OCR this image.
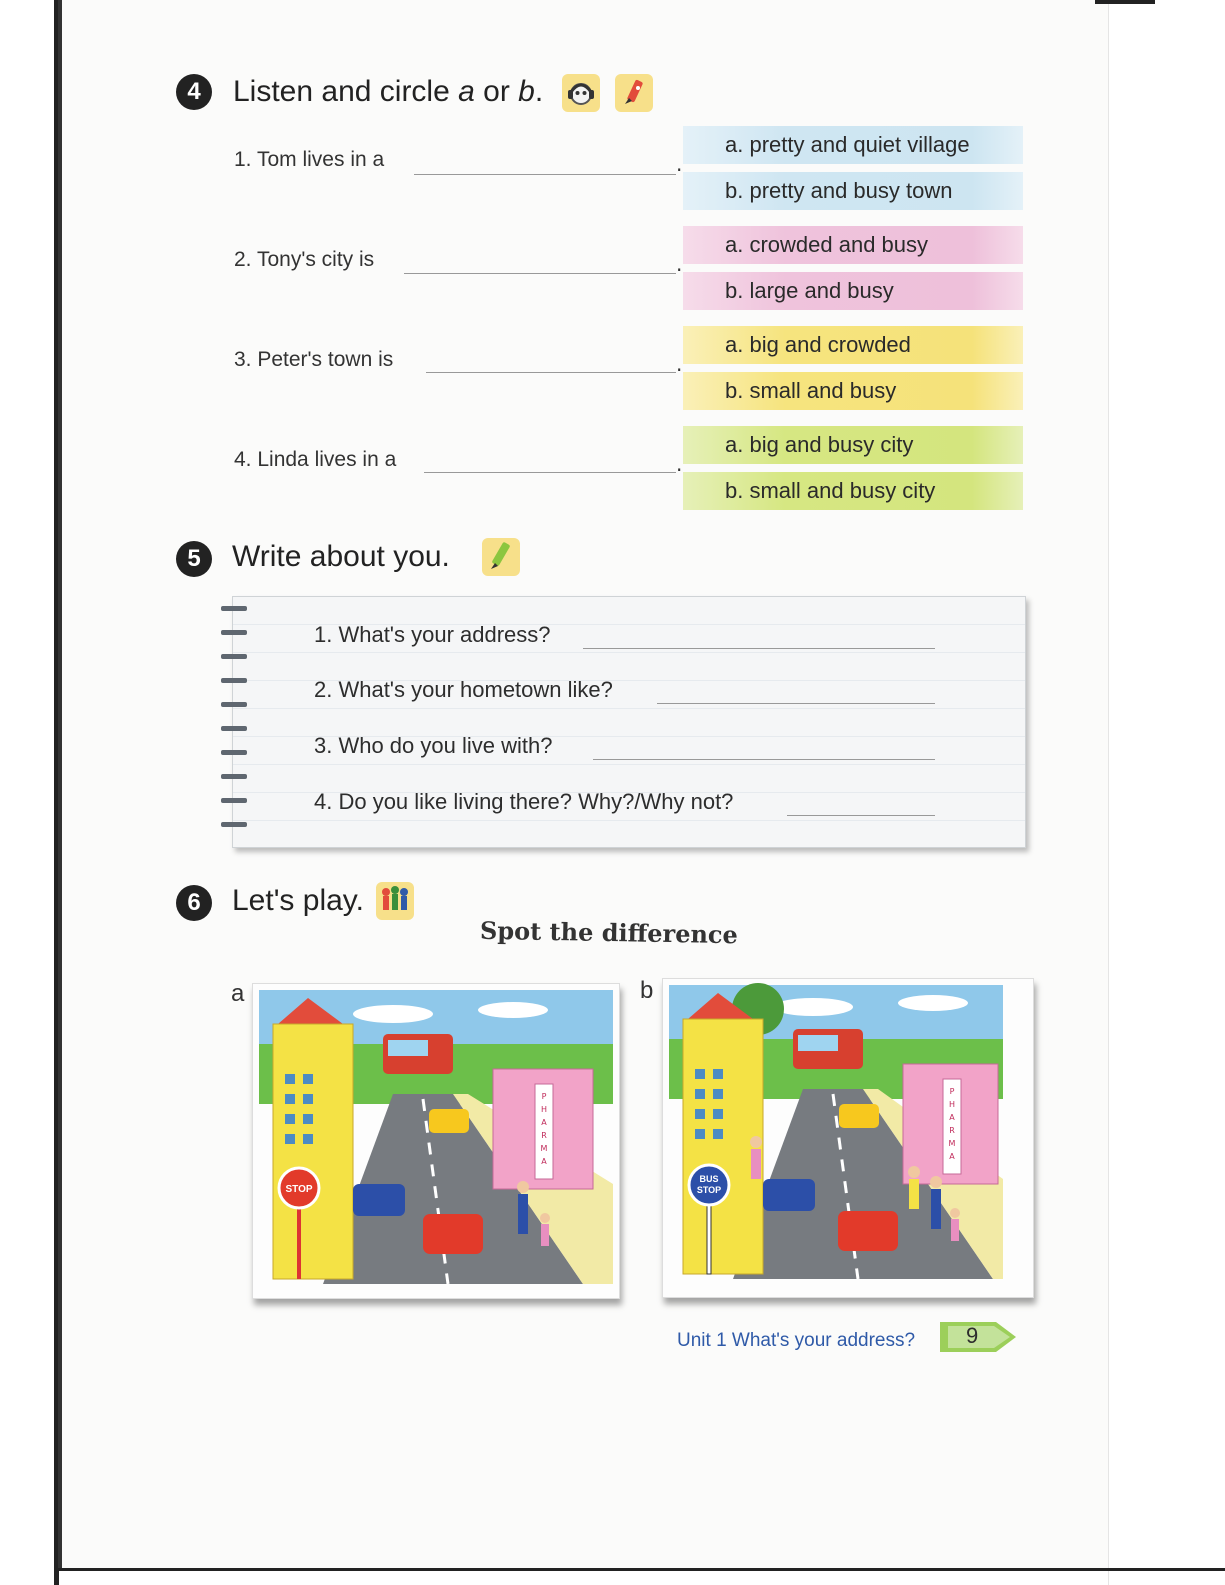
4	Listen and circle a or b.
1. Tom lives in a	.
a. pretty and quiet village
b. pretty and busy town
2. Tony's city is	.
a. crowded and busy
b. large and busy
3. Peter's town is	.
a. big and crowded
b. small and busy
4. Linda lives in a	.
a. big and busy city
b. small and busy city
5	Write about you.
1. What's your address?
2. What's your hometown like?
3. Who do you live with?
4. Do you like living there? Why?/Why not?
6	Let's play.
Spot the difference
a	b
P
H
A
R
M
A
STOP
P
H
A
R
M
A
BUS
STOP
Unit 1 What's your address? 9
